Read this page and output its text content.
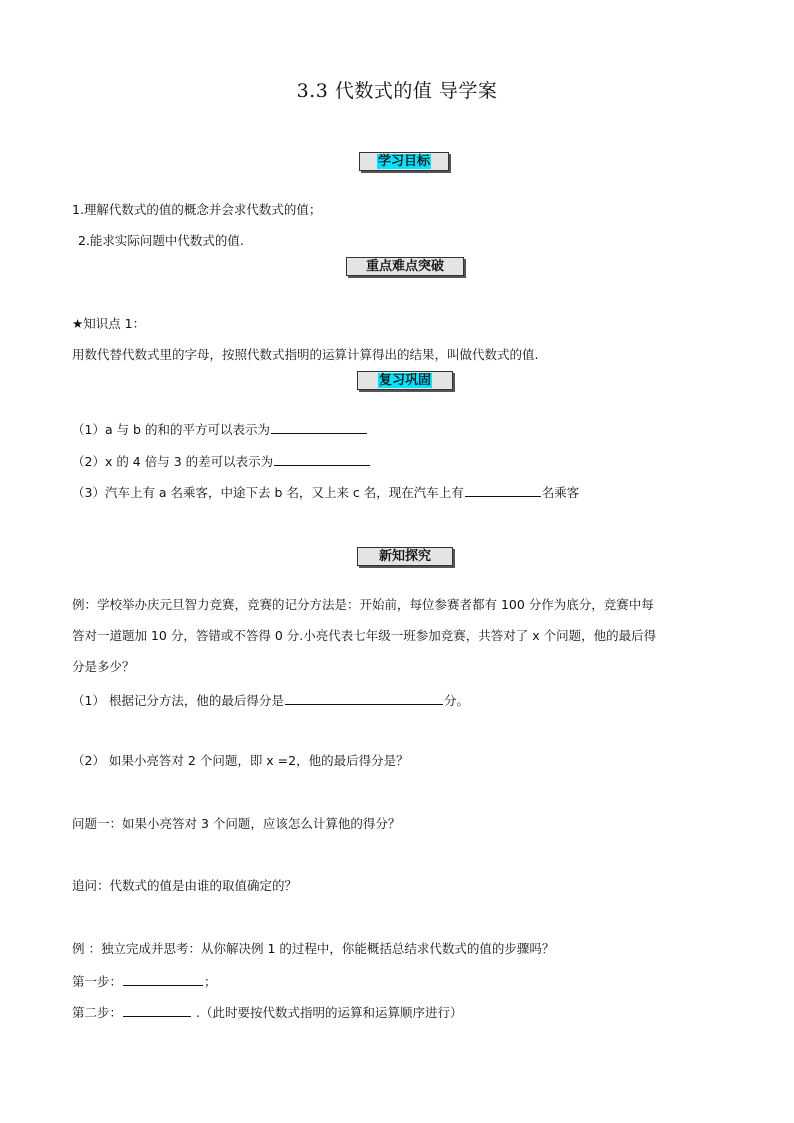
3.3 代数式的值 导学案
学习目标
1.理解代数式的值的概念并会求代数式的值；
2.能求实际问题中代数式的值.
重点难点突破
★知识点 1：
用数代替代数式里的字母，按照代数式指明的运算计算得出的结果，叫做代数式的值.
复习巩固
（1）a 与 b 的和的平方可以表示为
（2）x 的 4 倍与 3 的差可以表示为
（3）汽车上有 a 名乘客，中途下去 b 名，又上来 c 名，现在汽车上有	名乘客
新知探究
例：学校举办庆元旦智力竞赛，竞赛的记分方法是：开始前，每位参赛者都有 100 分作为底分，竞赛中每
答对一道题加 10 分，答错或不答得 0 分.小亮代表七年级一班参加竞赛，共答对了 x 个问题，他的最后得
分是多少？
（1） 根据记分方法，他的最后得分是	分。
（2） 如果小亮答对 2 个问题，即 x =2，他的最后得分是？
问题一：如果小亮答对 3 个问题，应该怎么计算他的得分？
追问：代数式的值是由谁的取值确定的？
例 ：独立完成并思考：从你解决例 1 的过程中，你能概括总结求代数式的值的步骤吗？
第一步：	；
第二步：	.（此时要按代数式指明的运算和运算顺序进行）
